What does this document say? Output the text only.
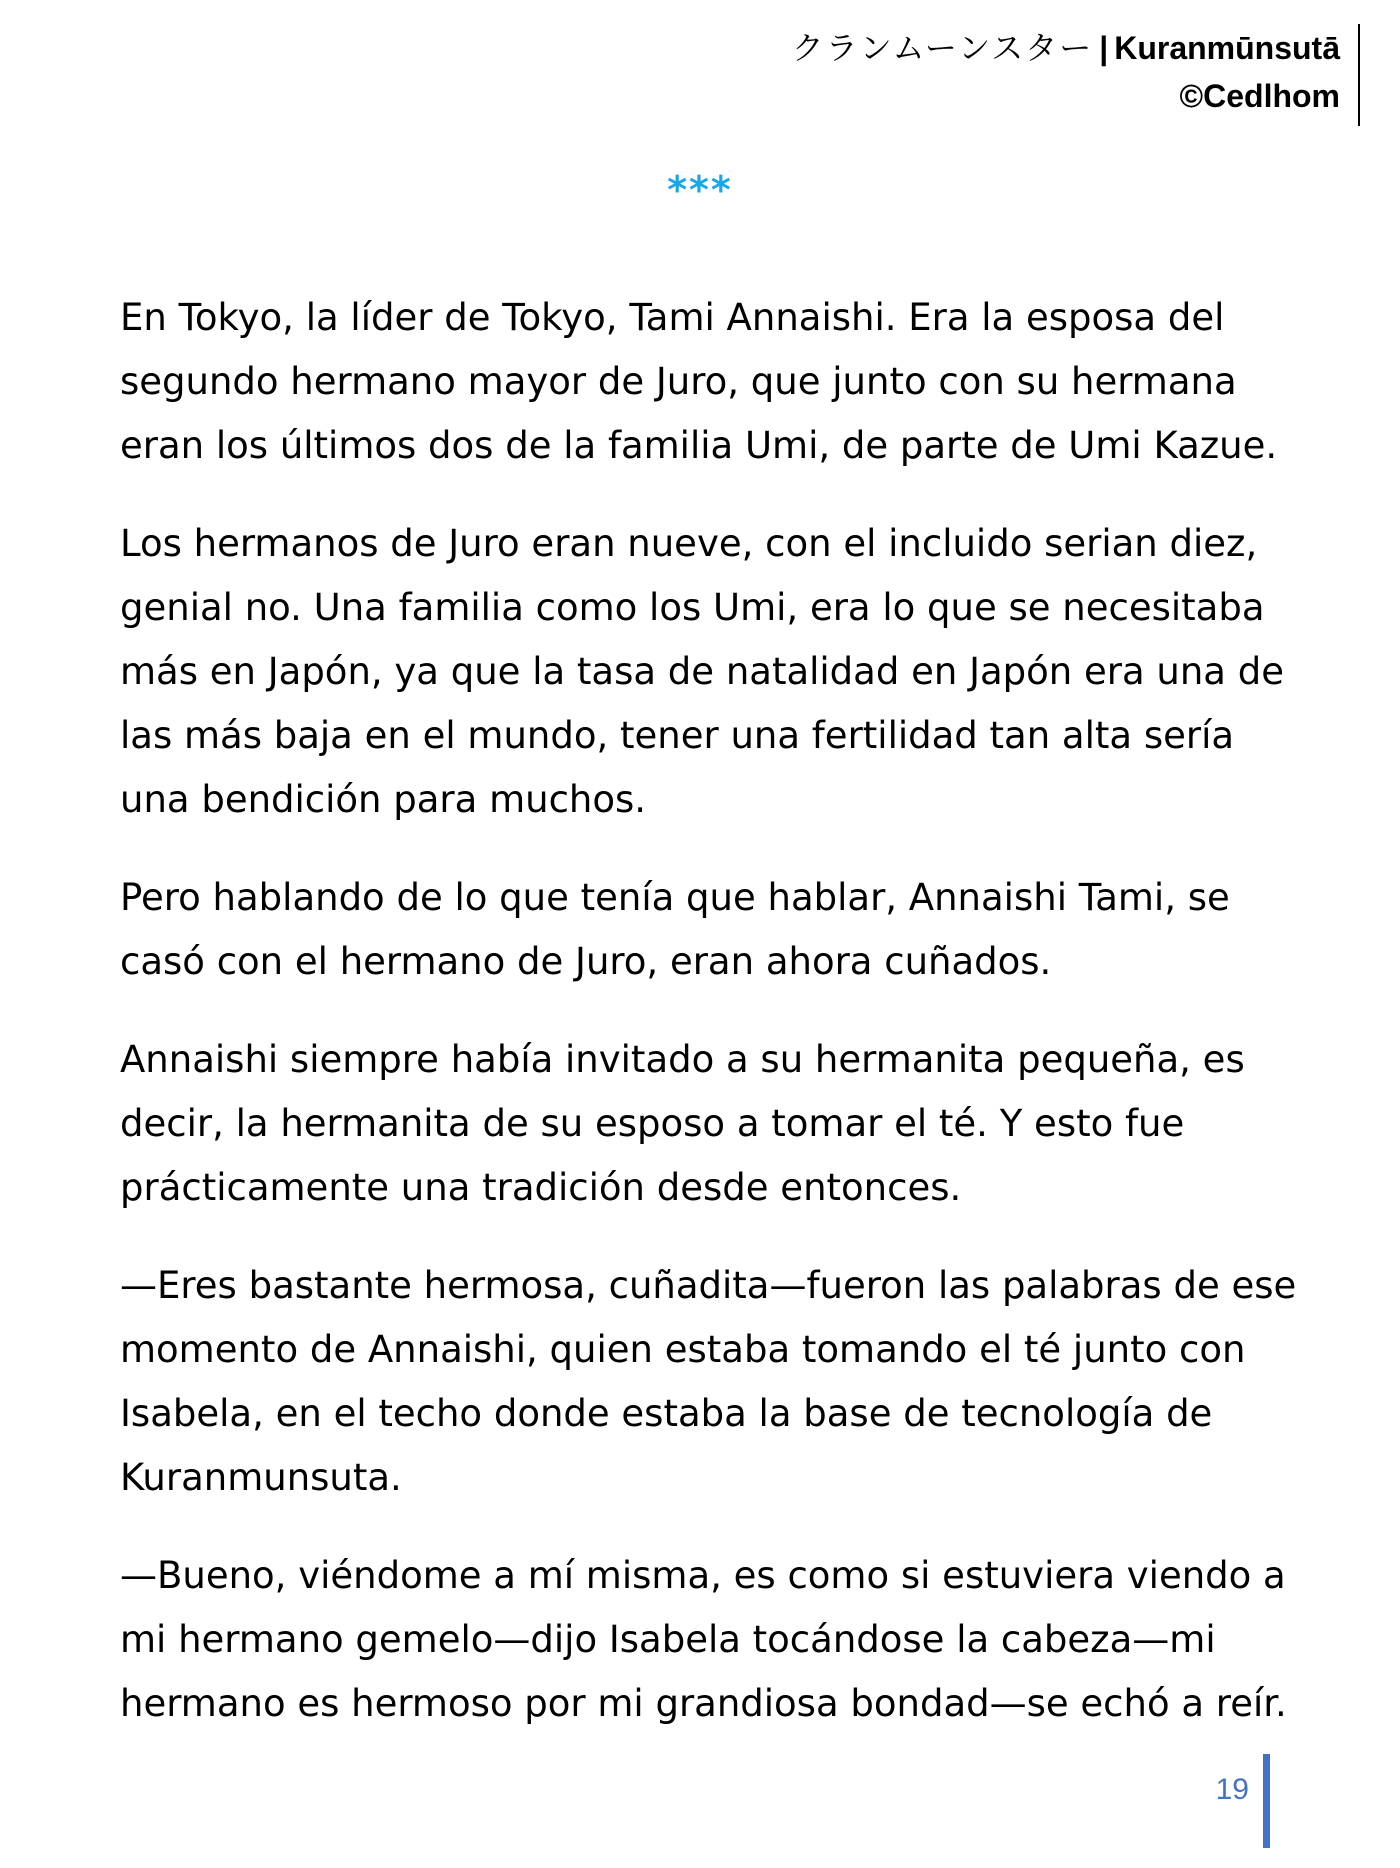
クランムーンスター | Kuranmūnsutā
©Cedlhom
***

En Tokyo, la líder de Tokyo, Tami Annaishi. Era la esposa del segundo hermano mayor de Juro, que junto con su hermana eran los últimos dos de la familia Umi, de parte de Umi Kazue.

Los hermanos de Juro eran nueve, con el incluido serian diez, genial no. Una familia como los Umi, era lo que se necesitaba más en Japón, ya que la tasa de natalidad en Japón era una de las más baja en el mundo, tener una fertilidad tan alta sería una bendición para muchos.

Pero hablando de lo que tenía que hablar, Annaishi Tami, se casó con el hermano de Juro, eran ahora cuñados.

Annaishi siempre había invitado a su hermanita pequeña, es decir, la hermanita de su esposo a tomar el té. Y esto fue prácticamente una tradición desde entonces.

—Eres bastante hermosa, cuñadita—fueron las palabras de ese momento de Annaishi, quien estaba tomando el té junto con Isabela, en el techo donde estaba la base de tecnología de Kuranmunsuta.

—Bueno, viéndome a mí misma, es como si estuviera viendo a mi hermano gemelo—dijo Isabela tocándose la cabeza—mi hermano es hermoso por mi grandiosa bondad—se echó a reír.

19
